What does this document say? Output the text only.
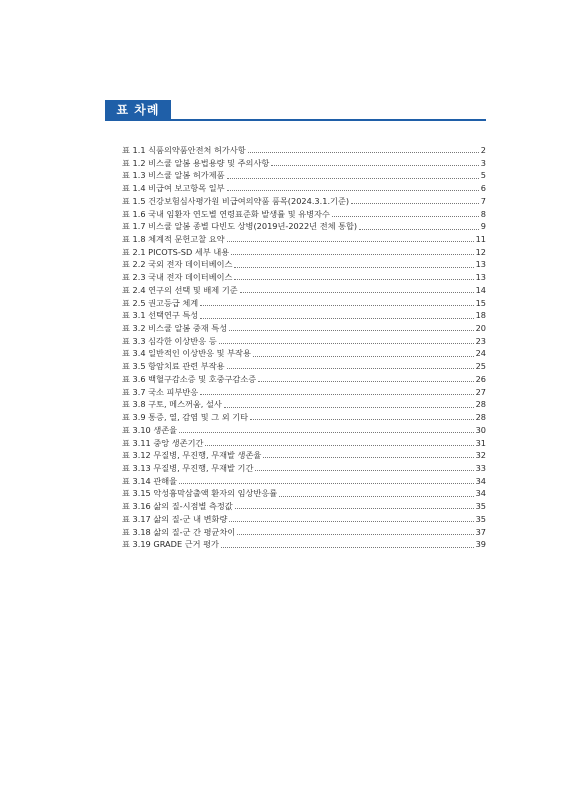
표 차례
표 1.1 식품의약품안전처 허가사항	2
표 1.2 비스쿨 알봄 용법용량 및 주의사항	3
표 1.3 비스쿨 알봄 허가제품	5
표 1.4 비급여 보고항목 일부	6
표 1.5 건강보험심사평가원 비급여의약품 품목(2024.3.1.기준)	7
표 1.6 국내 임환자 연도별 연령표준화 발생률 및 유병자수	8
표 1.7 비스쿨 알봄 종별 다빈도 상병(2019년-2022년 전체 통합)	9
표 1.8 체계적 문헌고찰 요약	11
표 2.1 PICOTS-SD 세부 내용	12
표 2.2 국외 전자 데이터베이스	13
표 2.3 국내 전자 데이터베이스	13
표 2.4 연구의 선택 및 배제 기준	14
표 2.5 권고등급 체계	15
표 3.1 선택연구 특성	18
표 3.2 비스쿨 알봄 중재 특성	20
표 3.3 심각한 이상반응 등	23
표 3.4 일반적인 이상반응 및 부작용	24
표 3.5 항암치료 관련 부작용	25
표 3.6 백혈구감소증 및 호중구감소증	26
표 3.7 국소 피부반응	27
표 3.8 구토, 메스꺼움, 설사	28
표 3.9 통증, 열, 감염 및 그 외 기타	28
표 3.10 생존율	30
표 3.11 중앙 생존기간	31
표 3.12 무질병, 무진행, 무재발 생존율	32
표 3.13 무질병, 무진행, 무재발 기간	33
표 3.14 관해율	34
표 3.15 악성흉막삼출액 환자의 임상반응률	34
표 3.16 삶의 질-시점별 측정값	35
표 3.17 삶의 질-군 내 변화량	35
표 3.18 삶의 질-군 간 평균차이	37
표 3.19 GRADE 근거 평가	39
